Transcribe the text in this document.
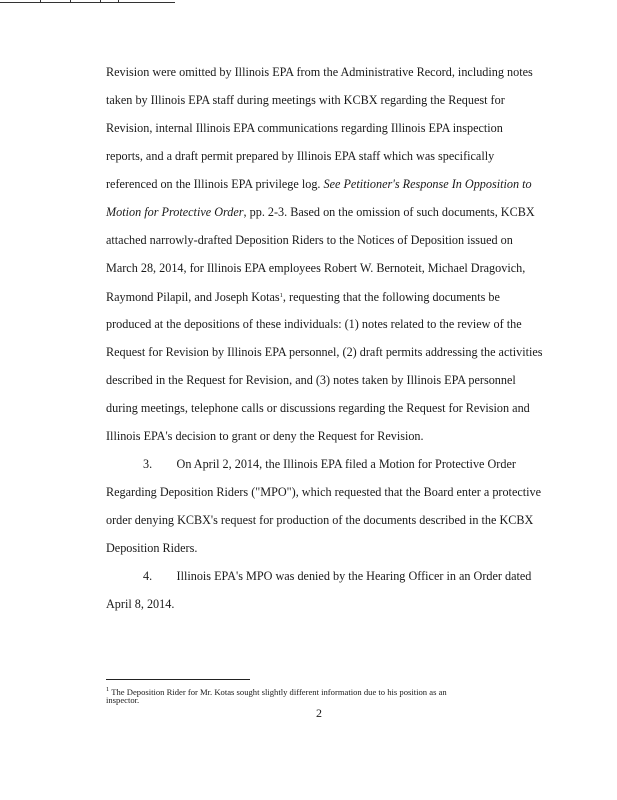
Revision were omitted by Illinois EPA from the Administrative Record, including notes
taken by Illinois EPA staff during meetings with KCBX regarding the Request for
Revision, internal Illinois EPA communications regarding Illinois EPA inspection
reports, and a draft permit prepared by Illinois EPA staff which was specifically
referenced on the Illinois EPA privilege log. See Petitioner's Response In Opposition to
Motion for Protective Order, pp. 2-3. Based on the omission of such documents, KCBX
attached narrowly-drafted Deposition Riders to the Notices of Deposition issued on
March 28, 2014, for Illinois EPA employees Robert W. Bernoteit, Michael Dragovich,
Raymond Pilapil, and Joseph Kotas$^1$, requesting that the following documents be
produced at the depositions of these individuals: (1) notes related to the review of the
Request for Revision by Illinois EPA personnel, (2) draft permits addressing the activities
described in the Request for Revision, and (3) notes taken by Illinois EPA personnel
during meetings, telephone calls or discussions regarding the Request for Revision and
Illinois EPA's decision to grant or deny the Request for Revision.
3.        On April 2, 2014, the Illinois EPA filed a Motion for Protective Order
Regarding Deposition Riders ("MPO"), which requested that the Board enter a protective
order denying KCBX's request for production of the documents described in the KCBX
Deposition Riders.
4.        Illinois EPA's MPO was denied by the Hearing Officer in an Order dated
April 8, 2014.
$^1$ The Deposition Rider for Mr. Kotas sought slightly different information due to his position as an
inspector.
2
